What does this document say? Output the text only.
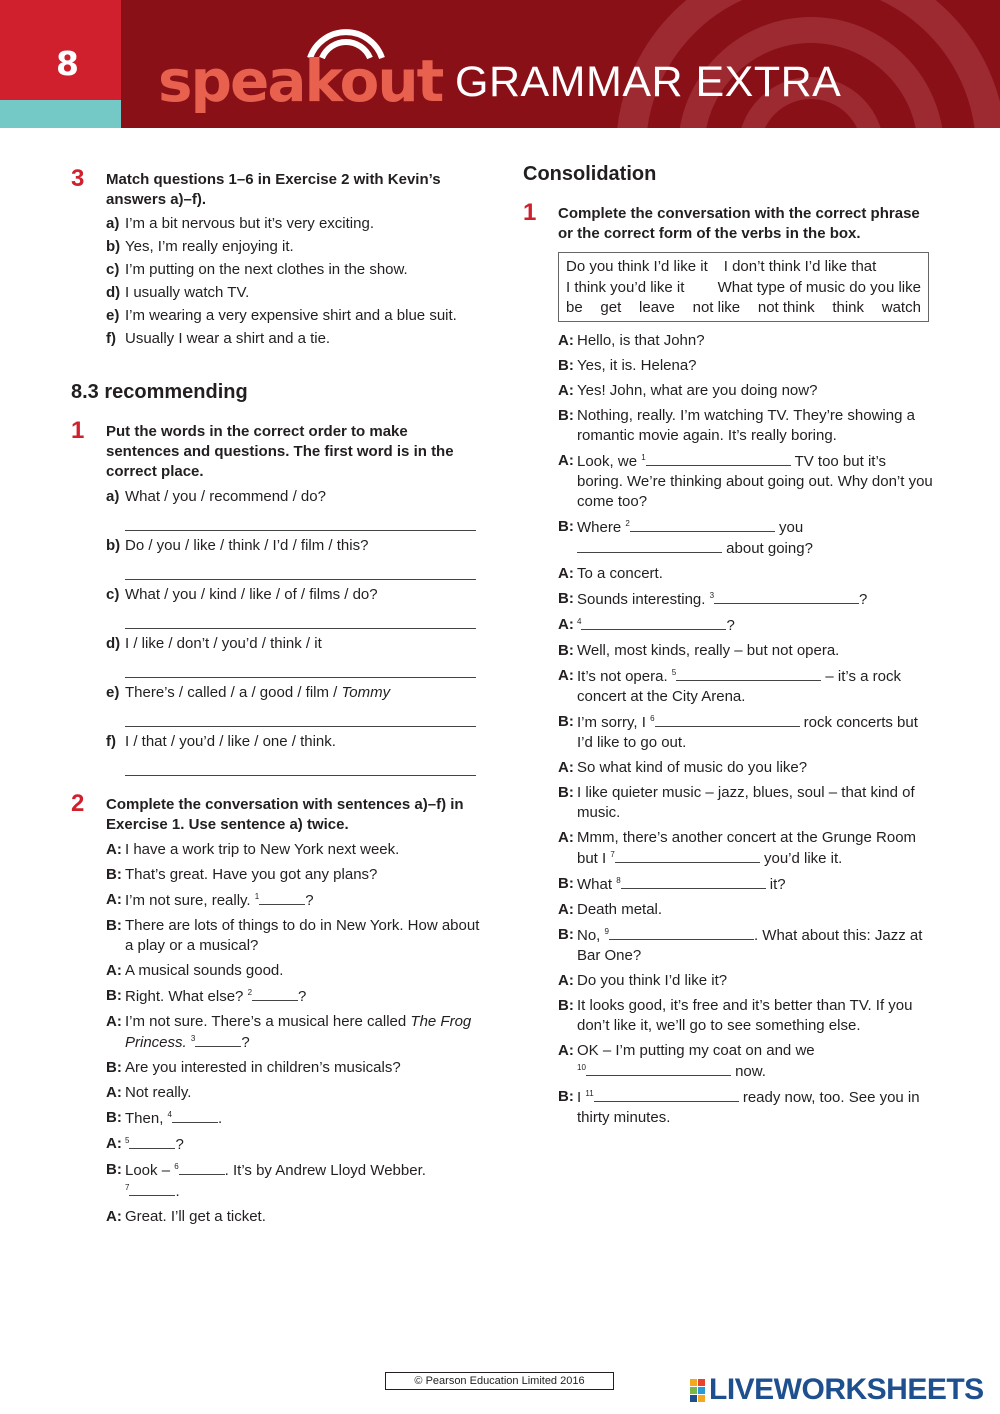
8	speakout GRAMMAR EXTRA
3 Match questions 1–6 in Exercise 2 with Kevin’s answers a)–f).
a) I’m a bit nervous but it’s very exciting.
b) Yes, I’m really enjoying it.
c) I’m putting on the next clothes in the show.
d) I usually watch TV.
e) I’m wearing a very expensive shirt and a blue suit.
f) Usually I wear a shirt and a tie.
8.3 recommending
1 Put the words in the correct order to make sentences and questions. The first word is in the correct place.
a) What / you / recommend / do?
b) Do / you / like / think / I’d / film / this?
c) What / you / kind / like / of / films / do?
d) I / like / don’t / you’d / think / it
e) There’s / called / a / good / film / Tommy
f) I / that / you’d / like / one / think.
2 Complete the conversation with sentences a)–f) in Exercise 1. Use sentence a) twice.
A: I have a work trip to New York next week.
B: That’s great. Have you got any plans?
A: I’m not sure, really. $^1$	?
B: There are lots of things to do in New York. How about a play or a musical?
A: A musical sounds good.
B: Right. What else? $^2$	?
A: I’m not sure. There’s a musical here called The Frog Princess. $^3$	?
B: Are you interested in children’s musicals?
A: Not really.
B: Then, $^4$	.
A: $^5$	?
B: Look – $^6$	. It’s by Andrew Lloyd Webber.
$^7$	.
A: Great. I’ll get a ticket.
Consolidation
1 Complete the conversation with the correct phrase or the correct form of the verbs in the box.
Do you think I’d like it I don’t think I’d like that
I think you’d like it What type of music do you like
be get leave not like not think think watch
A: Hello, is that John?
B: Yes, it is. Helena?
A: Yes! John, what are you doing now?
B: Nothing, really. I’m watching TV. They’re showing a romantic movie again. It’s really boring.
A: Look, we $^1$	TV too but it’s boring. We’re thinking about going out. Why don’t you come too?
B: Where $^2$	you
about going?
A: To a concert.
B: Sounds interesting. $^3$	?
A: $^4$	?
B: Well, most kinds, really – but not opera.
A: It’s not opera. $^5$	– it’s a rock concert at the City Arena.
B: I’m sorry, I $^6$	rock concerts but I’d like to go out.
A: So what kind of music do you like?
B: I like quieter music – jazz, blues, soul – that kind of music.
A: Mmm, there’s another concert at the Grunge Room but I $^7$	you’d like it.
B: What $^8$	it?
A: Death metal.
B: No, $^9$	. What about this: Jazz at Bar One?
A: Do you think I’d like it?
B: It looks good, it’s free and it’s better than TV. If you don’t like it, we’ll go to see something else.
A: OK – I’m putting my coat on and we
$^{10}$	now.
B: I $^{11}$	ready now, too. See you in thirty minutes.
© Pearson Education Limited 2016	LIVEWORKSHEETS
